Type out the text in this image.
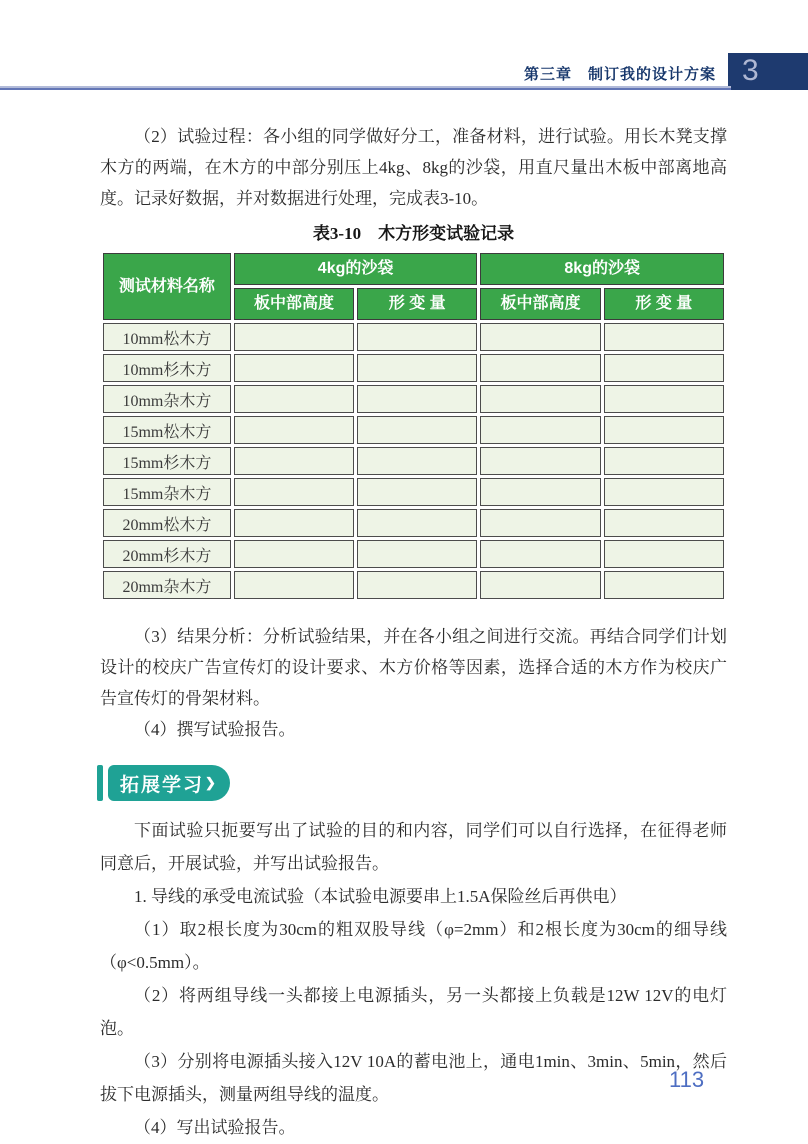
第三章　制订我的设计方案 3

（2）试验过程：各小组的同学做好分工，准备材料，进行试验。用长木凳支撑木方的两端，在木方的中部分别压上4kg、8kg的沙袋，用直尺量出木板中部离地高度。记录好数据，并对数据进行处理，完成表3-10。

表3-10　木方形变试验记录
测试材料名称	4kg的沙袋		8kg的沙袋	
	板中部高度	形 变 量	板中部高度	形 变 量
10mm松木方				
10mm杉木方				
10mm杂木方				
15mm松木方				
15mm杉木方				
15mm杂木方				
20mm松木方				
20mm杉木方				
20mm杂木方				

（3）结果分析：分析试验结果，并在各小组之间进行交流。再结合同学们计划设计的校庆广告宣传灯的设计要求、木方价格等因素，选择合适的木方作为校庆广告宣传灯的骨架材料。

（4）撰写试验报告。

拓展学习 ❯

下面试验只扼要写出了试验的目的和内容，同学们可以自行选择，在征得老师同意后，开展试验，并写出试验报告。

1. 导线的承受电流试验（本试验电源要串上1.5A保险丝后再供电）

（1）取2根长度为30cm的粗双股导线（φ=2mm）和2根长度为30cm的细导线（φ<0.5mm）。

（2）将两组导线一头都接上电源插头，另一头都接上负载是12W 12V的电灯泡。

（3）分别将电源插头接入12V 10A的蓄电池上，通电1min、3min、5min，然后拔下电源插头，测量两组导线的温度。

（4）写出试验报告。

113
